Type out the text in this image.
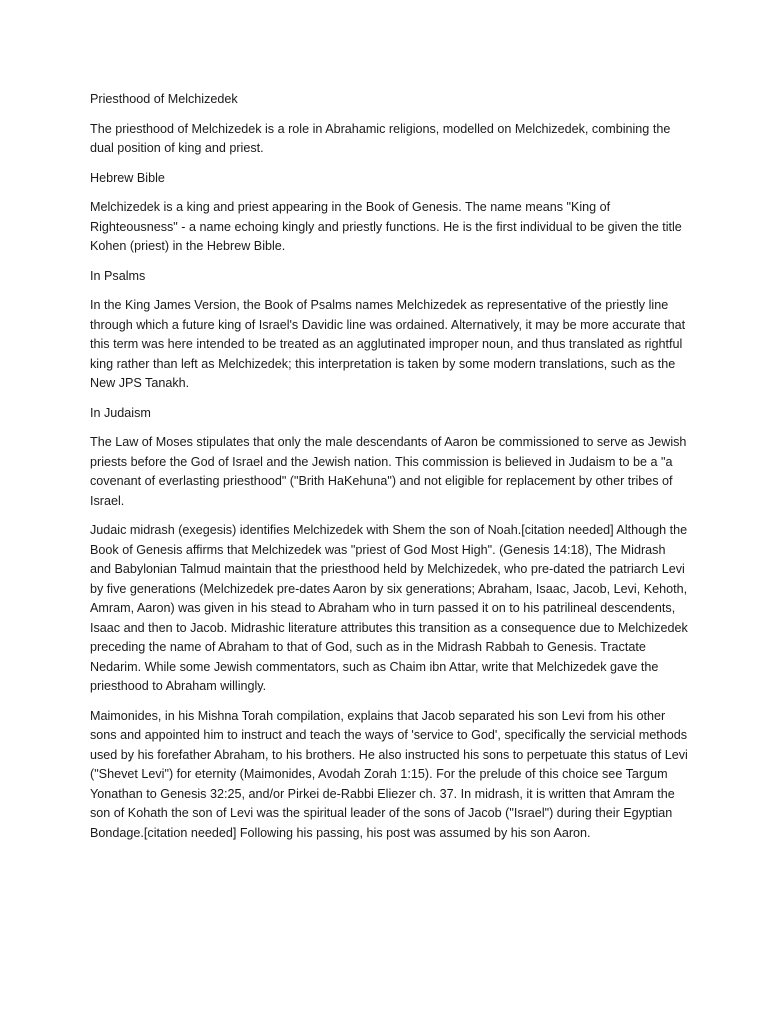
Priesthood of Melchizedek

The priesthood of Melchizedek is a role in Abrahamic religions, modelled on Melchizedek, combining the dual position of king and priest.

Hebrew Bible

Melchizedek is a king and priest appearing in the Book of Genesis. The name means "King of Righteousness" - a name echoing kingly and priestly functions. He is the first individual to be given the title Kohen (priest) in the Hebrew Bible.

In Psalms

In the King James Version, the Book of Psalms names Melchizedek as representative of the priestly line through which a future king of Israel's Davidic line was ordained. Alternatively, it may be more accurate that this term was here intended to be treated as an agglutinated improper noun, and thus translated as rightful king rather than left as Melchizedek; this interpretation is taken by some modern translations, such as the New JPS Tanakh.

In Judaism

The Law of Moses stipulates that only the male descendants of Aaron be commissioned to serve as Jewish priests before the God of Israel and the Jewish nation. This commission is believed in Judaism to be a "a covenant of everlasting priesthood" ("Brith HaKehuna") and not eligible for replacement by other tribes of Israel.

Judaic midrash (exegesis) identifies Melchizedek with Shem the son of Noah.[citation needed] Although the Book of Genesis affirms that Melchizedek was "priest of God Most High". (Genesis 14:18), The Midrash and Babylonian Talmud maintain that the priesthood held by Melchizedek, who pre-dated the patriarch Levi by five generations (Melchizedek pre-dates Aaron by six generations; Abraham, Isaac, Jacob, Levi, Kehoth, Amram, Aaron) was given in his stead to Abraham who in turn passed it on to his patrilineal descendents, Isaac and then to Jacob. Midrashic literature attributes this transition as a consequence due to Melchizedek preceding the name of Abraham to that of God, such as in the Midrash Rabbah to Genesis. Tractate Nedarim. While some Jewish commentators, such as Chaim ibn Attar, write that Melchizedek gave the priesthood to Abraham willingly.

Maimonides, in his Mishna Torah compilation, explains that Jacob separated his son Levi from his other sons and appointed him to instruct and teach the ways of 'service to God', specifically the servicial methods used by his forefather Abraham, to his brothers. He also instructed his sons to perpetuate this status of Levi ("Shevet Levi") for eternity (Maimonides, Avodah Zorah 1:15). For the prelude of this choice see Targum Yonathan to Genesis 32:25, and/or Pirkei de-Rabbi Eliezer ch. 37. In midrash, it is written that Amram the son of Kohath the son of Levi was the spiritual leader of the sons of Jacob ("Israel") during their Egyptian Bondage.[citation needed] Following his passing, his post was assumed by his son Aaron.
